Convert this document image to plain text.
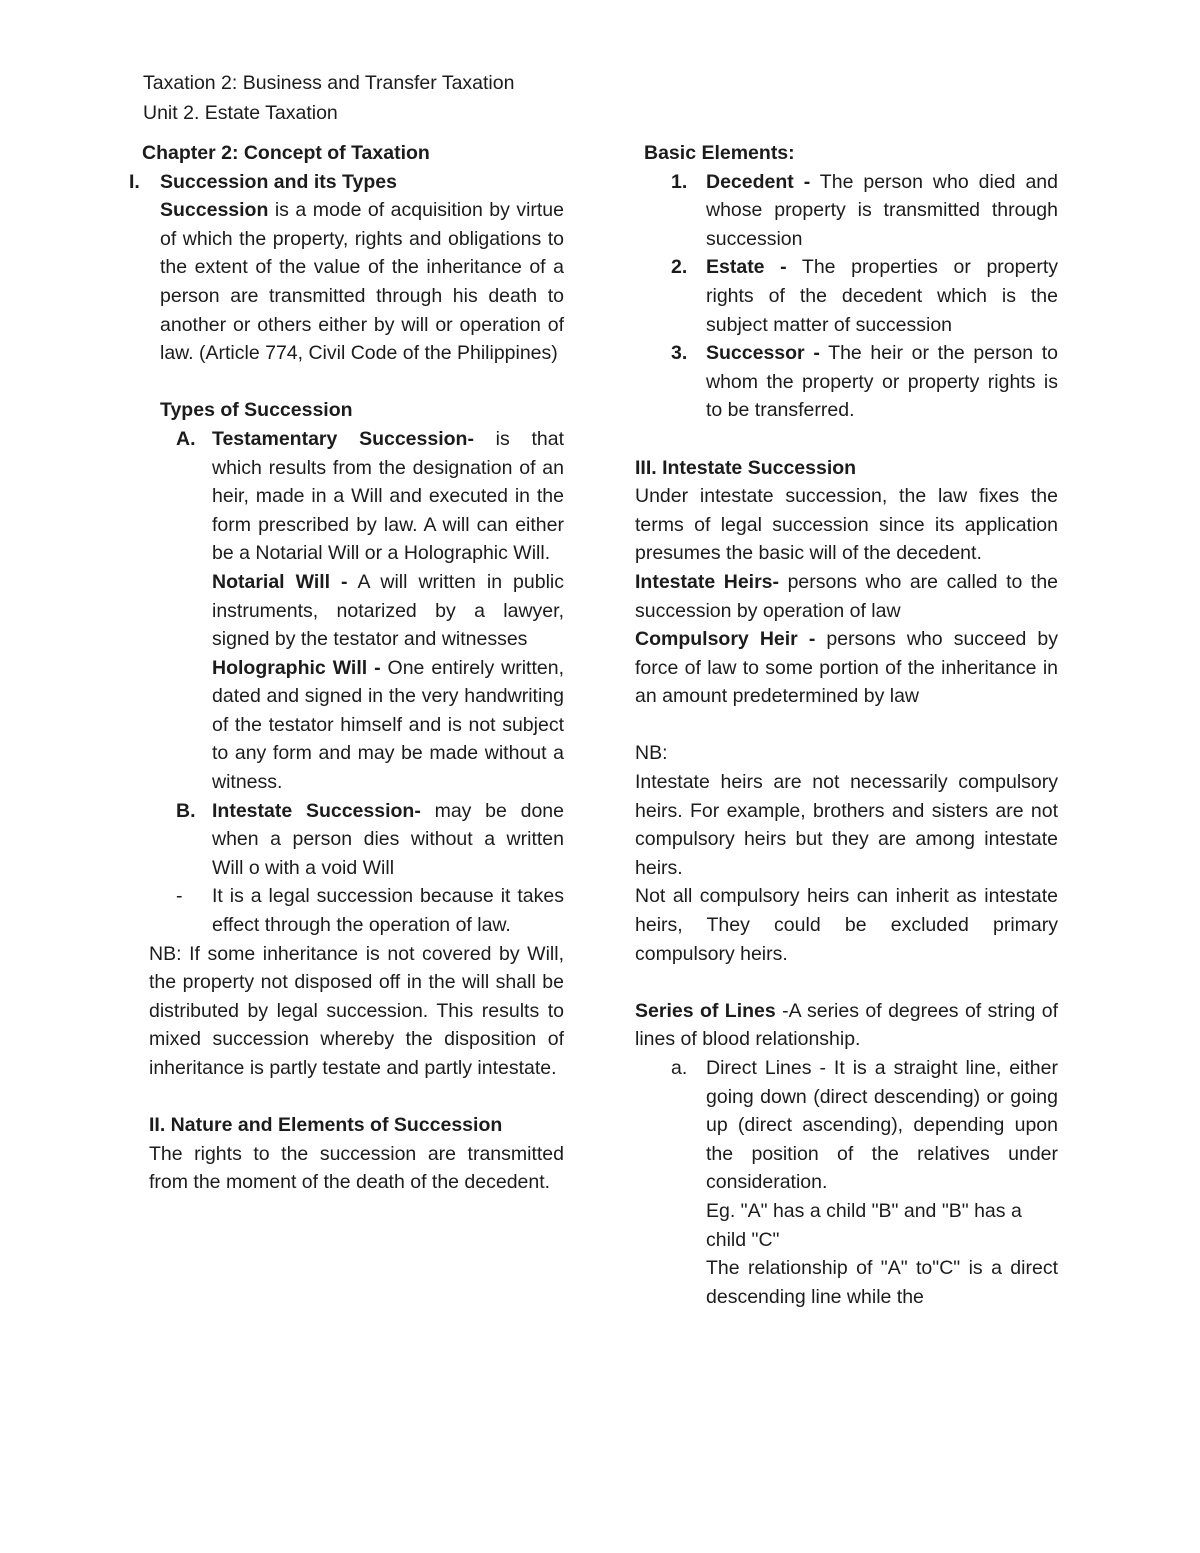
Taxation 2: Business and Transfer Taxation
Unit 2. Estate Taxation

Chapter 2: Concept of Taxation

I. Succession and its Types

Succession is a mode of acquisition by virtue of which the property, rights and obligations to the extent of the value of the inheritance of a person are transmitted through his death to another or others either by will or operation of law. (Article 774, Civil Code of the Philippines)

Types of Succession

A. Testamentary Succession- is that which results from the designation of an heir, made in a Will and executed in the form prescribed by law. A will can either be a Notarial Will or a Holographic Will.

Notarial Will - A will written in public instruments, notarized by a lawyer, signed by the testator and witnesses

Holographic Will - One entirely written, dated and signed in the very handwriting of the testator himself and is not subject to any form and may be made without a witness.

B. Intestate Succession- may be done when a person dies without a written Will o with a void Will

- It is a legal succession because it takes effect through the operation of law.

NB: If some inheritance is not covered by Will, the property not disposed off in the will shall be distributed by legal succession. This results to mixed succession whereby the disposition of inheritance is partly testate and partly intestate.

II. Nature and Elements of Succession

The rights to the succession are transmitted from the moment of the death of the decedent.

Basic Elements:

1. Decedent - The person who died and whose property is transmitted through succession

2. Estate - The properties or property rights of the decedent which is the subject matter of succession

3. Successor - The heir or the person to whom the property or property rights is to be transferred.

III. Intestate Succession

Under intestate succession, the law fixes the terms of legal succession since its application presumes the basic will of the decedent.

Intestate Heirs- persons who are called to the succession by operation of law

Compulsory Heir - persons who succeed by force of law to some portion of the inheritance in an amount predetermined by law

NB:

Intestate heirs are not necessarily compulsory heirs. For example, brothers and sisters are not compulsory heirs but they are among intestate heirs.

Not all compulsory heirs can inherit as intestate heirs, They could be excluded primary compulsory heirs.

Series of Lines -A series of degrees of string of lines of blood relationship.

a. Direct Lines - It is a straight line, either going down (direct descending) or going up (direct ascending), depending upon the position of the relatives under consideration.

Eg. "A" has a child "B" and "B" has a child "C"

The relationship of "A" to"C" is a direct descending line while the
